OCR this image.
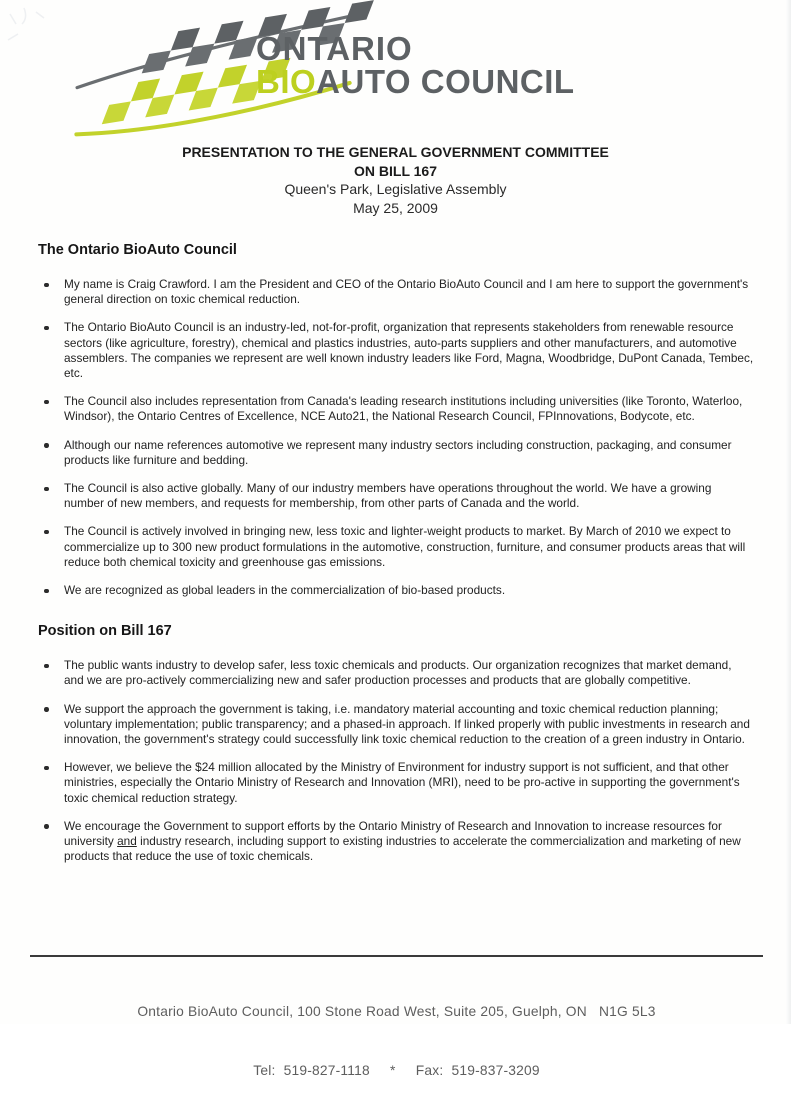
ONTARIO
BIOAUTO COUNCIL
PRESENTATION TO THE GENERAL GOVERNMENT COMMITTEE
ON BILL 167
Queen's Park, Legislative Assembly
May 25, 2009
The Ontario BioAuto Council
My name is Craig Crawford. I am the President and CEO of the Ontario BioAuto Council and I am here to support the government's general direction on toxic chemical reduction.
The Ontario BioAuto Council is an industry-led, not-for-profit, organization that represents stakeholders from renewable resource sectors (like agriculture, forestry), chemical and plastics industries, auto-parts suppliers and other manufacturers, and automotive assemblers. The companies we represent are well known industry leaders like Ford, Magna, Woodbridge, DuPont Canada, Tembec, etc.
The Council also includes representation from Canada's leading research institutions including universities (like Toronto, Waterloo, Windsor), the Ontario Centres of Excellence, NCE Auto21, the National Research Council, FPInnovations, Bodycote, etc.
Although our name references automotive we represent many industry sectors including construction, packaging, and consumer products like furniture and bedding.
The Council is also active globally. Many of our industry members have operations throughout the world. We have a growing number of new members, and requests for membership, from other parts of Canada and the world.
The Council is actively involved in bringing new, less toxic and lighter-weight products to market. By March of 2010 we expect to commercialize up to 300 new product formulations in the automotive, construction, furniture, and consumer products areas that will reduce both chemical toxicity and greenhouse gas emissions.
We are recognized as global leaders in the commercialization of bio-based products.
Position on Bill 167
The public wants industry to develop safer, less toxic chemicals and products. Our organization recognizes that market demand, and we are pro-actively commercializing new and safer production processes and products that are globally competitive.
We support the approach the government is taking, i.e. mandatory material accounting and toxic chemical reduction planning; voluntary implementation; public transparency; and a phased-in approach. If linked properly with public investments in research and innovation, the government's strategy could successfully link toxic chemical reduction to the creation of a green industry in Ontario.
However, we believe the $24 million allocated by the Ministry of Environment for industry support is not sufficient, and that other ministries, especially the Ontario Ministry of Research and Innovation (MRI), need to be pro-active in supporting the government's toxic chemical reduction strategy.
We encourage the Government to support efforts by the Ontario Ministry of Research and Innovation to increase resources for university and industry research, including support to existing industries to accelerate the commercialization and marketing of new products that reduce the use of toxic chemicals.

Ontario BioAuto Council, 100 Stone Road West, Suite 205, Guelph, ON   N1G 5L3

Tel:  519-827-1118     *     Fax:  519-837-3209
